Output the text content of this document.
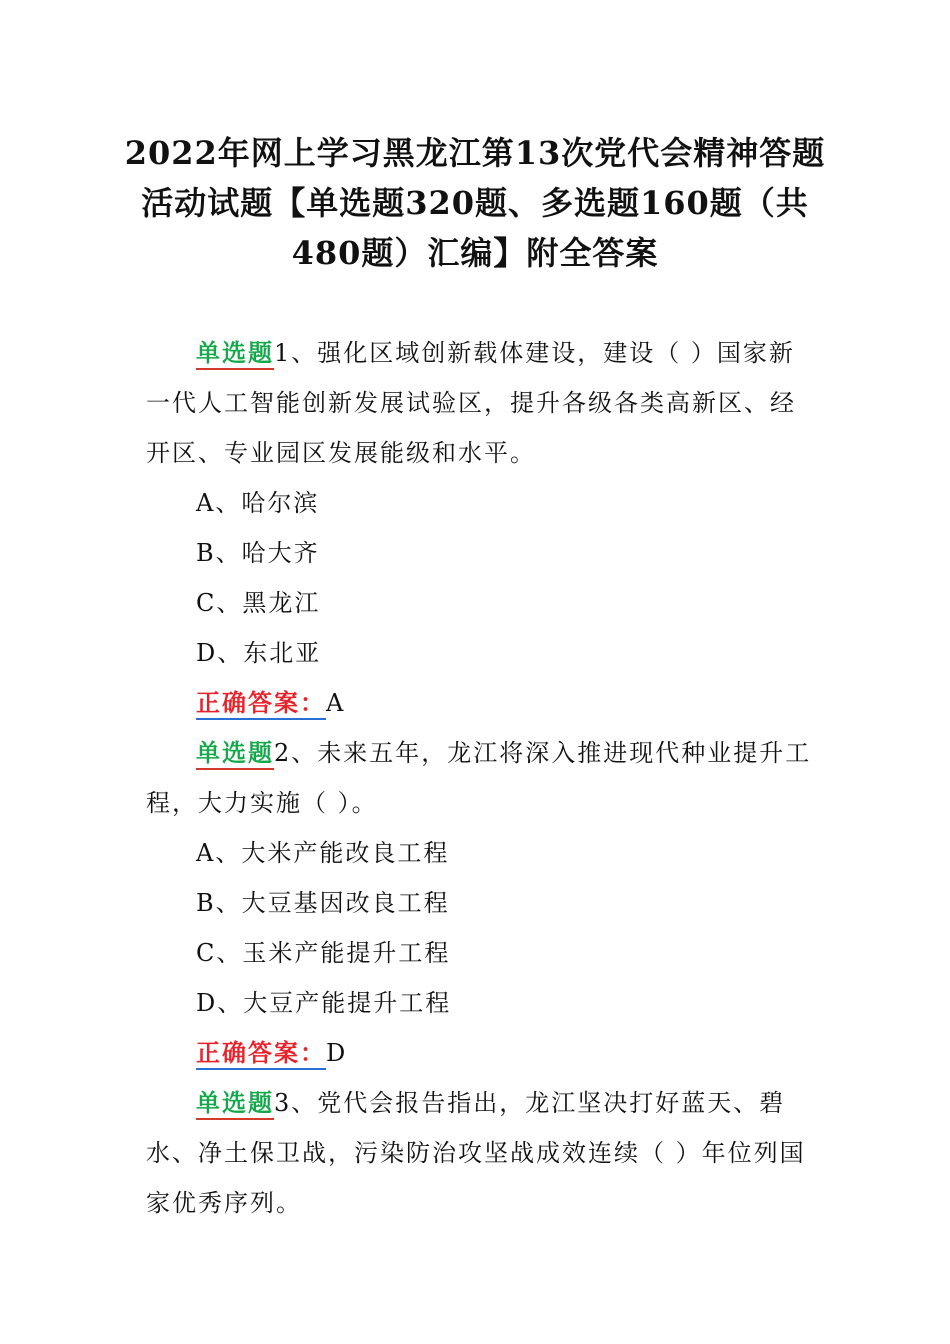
2022年网上学习黑龙江第13次党代会精神答题
活动试题【单选题320题、多选题160题（共
480题）汇编】附全答案

单选题1、强化区域创新载体建设，建设（ ）国家新一代人工智能创新发展试验区，提升各级各类高新区、经开区、专业园区发展能级和水平。

A、哈尔滨

B、哈大齐

C、黑龙江

D、东北亚

正确答案：A

单选题2、未来五年，龙江将深入推进现代种业提升工程，大力实施（ ）。

A、大米产能改良工程

B、大豆基因改良工程

C、玉米产能提升工程

D、大豆产能提升工程

正确答案：D

单选题3、党代会报告指出，龙江坚决打好蓝天、碧水、净土保卫战，污染防治攻坚战成效连续（ ）年位列国家优秀序列。
